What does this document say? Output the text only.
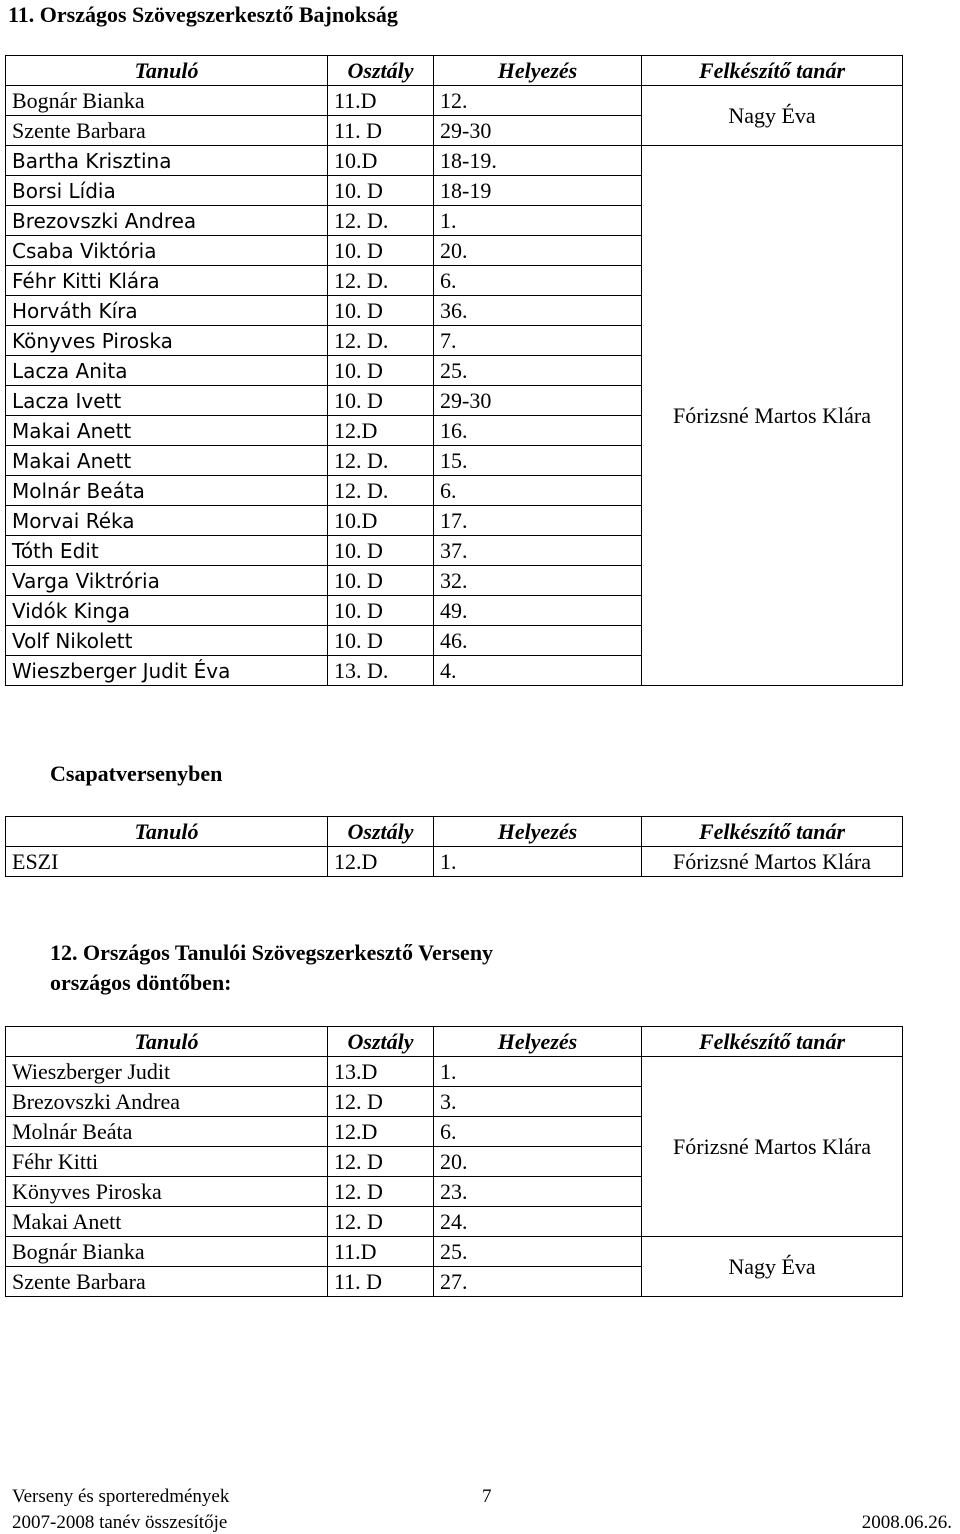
11. Országos Szövegszerkesztő Bajnokság
Tanuló	Osztály	Helyezés	Felkészítő tanár
Bognár Bianka	11.D	12.	Nagy Éva
Szente Barbara	11. D	29-30	
Bartha Krisztina	10.D	18-19.	Fórizsné Martos Klára
Borsi Lídia	10. D	18-19	
Brezovszki Andrea	12. D.	1.	
Csaba Viktória	10. D	20.	
Féhr Kitti Klára	12. D.	6.	
Horváth Kíra	10. D	36.	
Könyves Piroska	12. D.	7.	
Lacza Anita	10. D	25.	
Lacza Ivett	10. D	29-30	
Makai Anett	12.D	16.	
Makai Anett	12. D.	15.	
Molnár Beáta	12. D.	6.	
Morvai Réka	10.D	17.	
Tóth Edit	10. D	37.	
Varga Viktrória	10. D	32.	
Vidók Kinga	10. D	49.	
Volf Nikolett	10. D	46.	
Wieszberger Judit Éva	13. D.	4.	
Csapatversenyben
Tanuló	Osztály	Helyezés	Felkészítő tanár
ESZI	12.D	1.	Fórizsné Martos Klára
12. Országos Tanulói Szövegszerkesztő Verseny
országos döntőben:
Tanuló	Osztály	Helyezés	Felkészítő tanár
Wieszberger Judit	13.D	1.	Fórizsné Martos Klára
Brezovszki Andrea	12. D	3.	
Molnár Beáta	12.D	6.	
Féhr Kitti	12. D	20.	
Könyves Piroska	12. D	23.	
Makai Anett	12. D	24.	
Bognár Bianka	11.D	25.	Nagy Éva
Szente Barbara	11. D	27.	
Verseny és sporteredmények	7
2007-2008 tanév összesítője	2008.06.26.
